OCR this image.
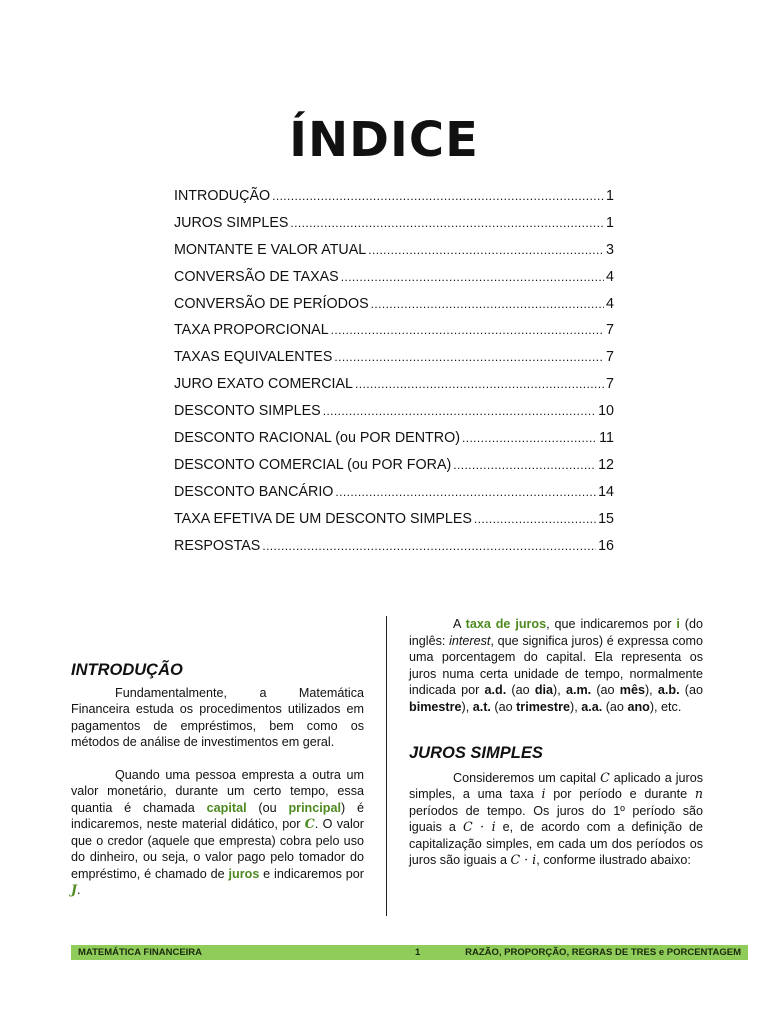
ÍNDICE
INTRODUÇÃO .....	1
JUROS SIMPLES .....	1
MONTANTE E VALOR ATUAL .....	3
CONVERSÃO DE TAXAS .....	4
CONVERSÃO DE PERÍODOS .....	4
TAXA PROPORCIONAL .....	7
TAXAS EQUIVALENTES .....	7
JURO EXATO COMERCIAL .....	7
DESCONTO SIMPLES .....	10
DESCONTO RACIONAL (ou POR DENTRO) .....	11
DESCONTO COMERCIAL (ou POR FORA) .....	12
DESCONTO BANCÁRIO .....	14
TAXA EFETIVA DE UM DESCONTO SIMPLES .....	15
RESPOSTAS .....	16
INTRODUÇÃO

Fundamentalmente, a Matemática Financeira estuda os procedimentos utilizados em pagamentos de empréstimos, bem como os métodos de análise de investimentos em geral.

Quando uma pessoa empresta a outra um valor monetário, durante um certo tempo, essa quantia é chamada capital (ou principal) é indicaremos, neste material didático, por C. O valor que o credor (aquele que empresta) cobra pelo uso do dinheiro, ou seja, o valor pago pelo tomador do empréstimo, é chamado de juros e indicaremos por J.

A taxa de juros, que indicaremos por i (do inglês: interest, que significa juros) é expressa como uma porcentagem do capital. Ela representa os juros numa certa unidade de tempo, normalmente indicada por a.d. (ao dia), a.m. (ao mês), a.b. (ao bimestre), a.t. (ao trimestre), a.a. (ao ano), etc.

JUROS SIMPLES

Consideremos um capital C aplicado a juros simples, a uma taxa i por período e durante n períodos de tempo. Os juros do 1º período são iguais a C · i e, de acordo com a definição de capitalização simples, em cada um dos períodos os juros são iguais a C · i, conforme ilustrado abaixo:

MATEMÁTICA FINANCEIRA	1	RAZÃO, PROPORÇÃO, REGRAS DE TRES e PORCENTAGEM
